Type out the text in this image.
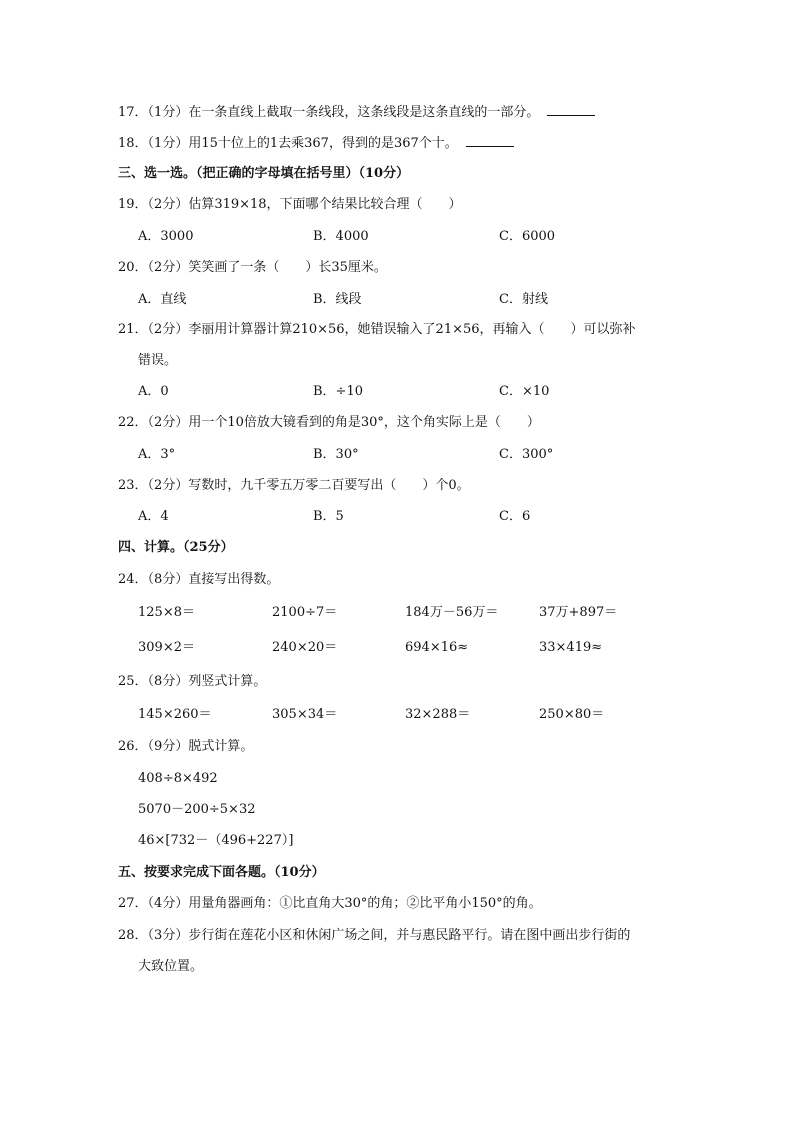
17．（1分）在一条直线上截取一条线段，这条线段是这条直线的一部分。
18．（1分）用15十位上的1去乘367，得到的是367个十。
三、选一选。（把正确的字母填在括号里）（10分）
19．（2分）估算319×18，下面哪个结果比较合理（　　）
A．3000	B．4000	C．6000
20．（2分）笑笑画了一条（　　）长35厘米。
A．直线	B．线段	C．射线
21．（2分）李丽用计算器计算210×56，她错误输入了21×56，再输入（　　）可以弥补
错误。
A．0	B．÷10	C．×10
22．（2分）用一个10倍放大镜看到的角是30°，这个角实际上是（　　）
A．3°	B．30°	C．300°
23．（2分）写数时，九千零五万零二百要写出（　　）个0。
A．4	B．5	C．6
四、计算。（25分）
24．（8分）直接写出得数。
125×8＝	2100÷7＝	184万－56万＝	37万+897＝
309×2＝	240×20＝	694×16≈	33×419≈
25．（8分）列竖式计算。
145×260＝	305×34＝	32×288＝	250×80＝
26．（9分）脱式计算。
408÷8×492
5070－200÷5×32
46×[732－（496+227）]
五、按要求完成下面各题。（10分）
27．（4分）用量角器画角：①比直角大30°的角；②比平角小150°的角。
28．（3分）步行街在莲花小区和休闲广场之间，并与惠民路平行。请在图中画出步行街的
大致位置。
